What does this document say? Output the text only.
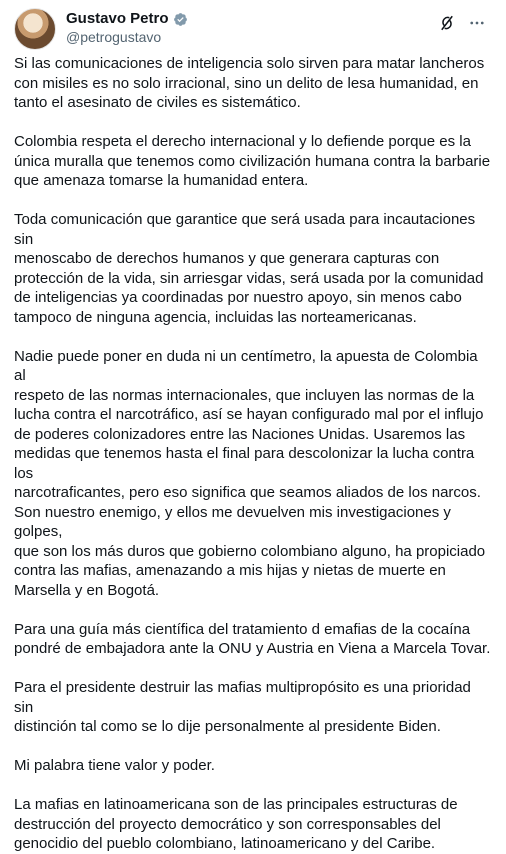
Gustavo Petro
@petrogustavo

Si las comunicaciones de inteligencia solo sirven para matar lancheros
con misiles es no solo irracional, sino un delito de lesa humanidad, en
tanto el asesinato de civiles es sistemático.

Colombia respeta el derecho internacional y lo defiende porque es la
única muralla que tenemos como civilización humana contra la barbarie
que amenaza tomarse la humanidad entera.

Toda comunicación que garantice que será usada para incautaciones sin
menoscabo de derechos humanos y que generara capturas con
protección de la vida, sin arriesgar vidas, será usada por la comunidad
de inteligencias ya coordinadas por nuestro apoyo, sin menos cabo
tampoco de ninguna agencia, incluidas las norteamericanas.

Nadie puede poner en duda ni un centímetro, la apuesta de Colombia al
respeto de las normas internacionales, que incluyen las normas de la
lucha contra el narcotráfico, así se hayan configurado mal por el influjo
de poderes colonizadores entre las Naciones Unidas. Usaremos las
medidas que tenemos hasta el final para descolonizar la lucha contra los
narcotraficantes, pero eso significa que seamos aliados de los narcos.
Son nuestro enemigo, y ellos me devuelven mis investigaciones y golpes,
que son los más duros que gobierno colombiano alguno, ha propiciado
contra las mafias, amenazando a mis hijas y nietas de muerte en
Marsella y en Bogotá.

Para una guía más científica del tratamiento d emafias de la cocaína
pondré de embajadora ante la ONU y Austria en Viena a Marcela Tovar.

Para el presidente destruir las mafias multipropósito es una prioridad sin
distinción tal como se lo dije personalmente al presidente Biden.

Mi palabra tiene valor y poder.

La mafias en latinoamericana son de las principales estructuras de
destrucción del proyecto democrático y son corresponsables del
genocidio del pueblo colombiano, latinoamericano y del Caribe.
